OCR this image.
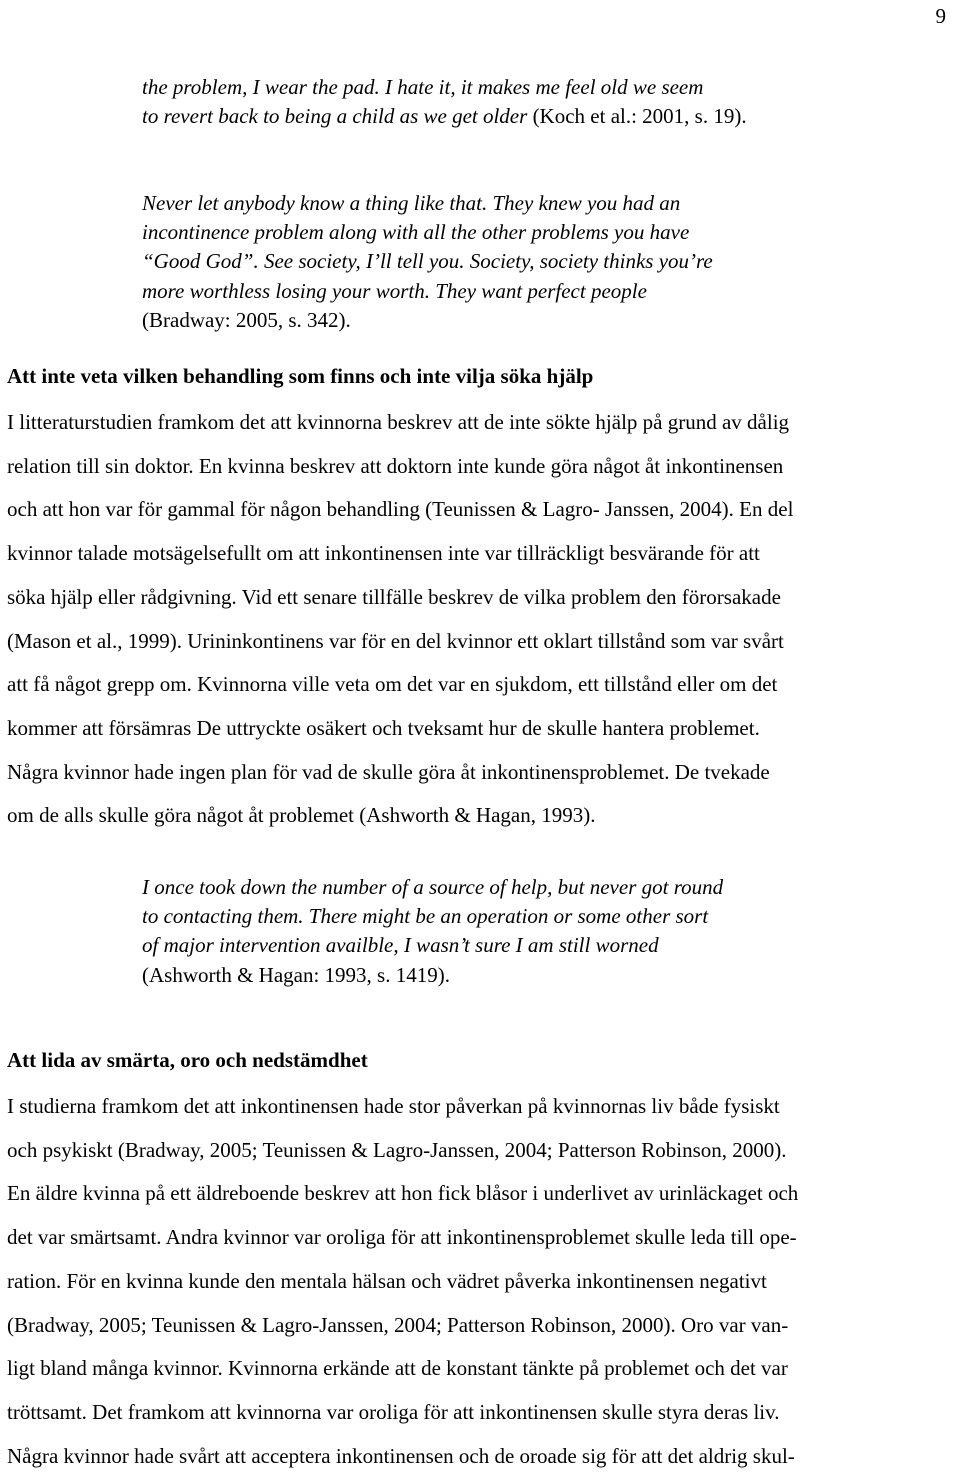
9
the problem, I wear the pad. I hate it, it makes me feel old we seem
to revert back to being a child as we get older (Koch et al.: 2001, s. 19).
Never let anybody know a thing like that. They knew you had an
incontinence problem along with all the other problems you have
“Good God”. See society, I’ll tell you. Society, society thinks you’re
more worthless losing your worth. They want perfect people
(Bradway: 2005, s. 342).
Att inte veta vilken behandling som finns och inte vilja söka hjälp
I litteraturstudien framkom det att kvinnorna beskrev att de inte sökte hjälp på grund av dålig
relation till sin doktor. En kvinna beskrev att doktorn inte kunde göra något åt inkontinensen
och att hon var för gammal för någon behandling (Teunissen & Lagro- Janssen, 2004). En del
kvinnor talade motsägelsefullt om att inkontinensen inte var tillräckligt besvärande för att
söka hjälp eller rådgivning. Vid ett senare tillfälle beskrev de vilka problem den förorsakade
(Mason et al., 1999). Urininkontinens var för en del kvinnor ett oklart tillstånd som var svårt
att få något grepp om. Kvinnorna ville veta om det var en sjukdom, ett tillstånd eller om det
kommer att försämras De uttryckte osäkert och tveksamt hur de skulle hantera problemet.
Några kvinnor hade ingen plan för vad de skulle göra åt inkontinensproblemet. De tvekade
om de alls skulle göra något åt problemet (Ashworth & Hagan, 1993).
I once took down the number of a source of help, but never got round
to contacting them. There might be an operation or some other sort
of major intervention availble, I wasn’t sure I am still worned
(Ashworth & Hagan: 1993, s. 1419).
Att lida av smärta, oro och nedstämdhet
I studierna framkom det att inkontinensen hade stor påverkan på kvinnornas liv både fysiskt
och psykiskt (Bradway, 2005; Teunissen & Lagro-Janssen, 2004; Patterson Robinson, 2000).
En äldre kvinna på ett äldreboende beskrev att hon fick blåsor i underlivet av urinläckaget och
det var smärtsamt. Andra kvinnor var oroliga för att inkontinensproblemet skulle leda till ope-
ration. För en kvinna kunde den mentala hälsan och vädret påverka inkontinensen negativt
(Bradway, 2005; Teunissen & Lagro-Janssen, 2004; Patterson Robinson, 2000). Oro var van-
ligt bland många kvinnor. Kvinnorna erkände att de konstant tänkte på problemet och det var
tröttsamt. Det framkom att kvinnorna var oroliga för att inkontinensen skulle styra deras liv.
Några kvinnor hade svårt att acceptera inkontinensen och de oroade sig för att det aldrig skul-
